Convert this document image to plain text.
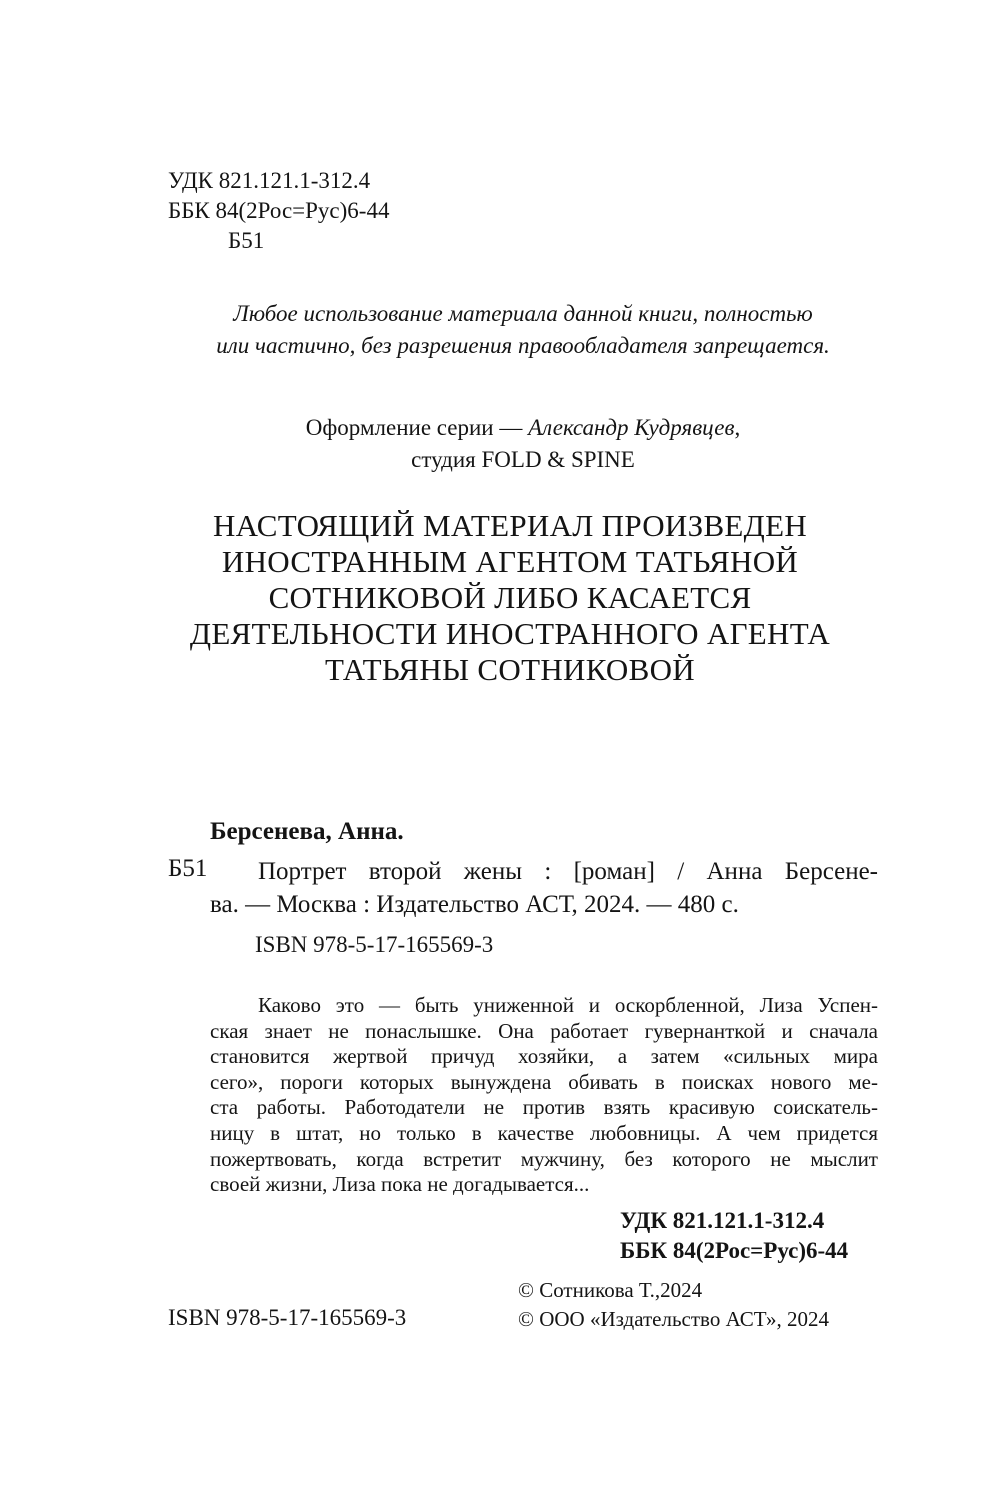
УДК 821.121.1-312.4
ББК 84(2Рос=Рус)6-44
Б51
Любое использование материала данной книги, полностью
или частично, без разрешения правообладателя запрещается.
Оформление серии — Александр Кудрявцев,
студия FOLD & SPINE
НАСТОЯЩИЙ МАТЕРИАЛ ПРОИЗВЕДЕН
ИНОСТРАННЫМ АГЕНТОМ ТАТЬЯНОЙ
СОТНИКОВОЙ ЛИБО КАСАЕТСЯ
ДЕЯТЕЛЬНОСТИ ИНОСТРАННОГО АГЕНТА
ТАТЬЯНЫ СОТНИКОВОЙ
Берсенева, Анна.
Б51	Портрет второй жены : [роман] / Анна Берсене-
ва. — Москва : Издательство АСТ, 2024. — 480 с.
ISBN 978-5-17-165569-3
Каково это — быть униженной и оскорбленной, Лиза Успен-
ская знает не понаслышке. Она работает гувернанткой и сначала
становится жертвой причуд хозяйки, а затем «сильных мира
сего», пороги которых вынуждена обивать в поисках нового ме-
ста работы. Работодатели не против взять красивую соискатель-
ницу в штат, но только в качестве любовницы. А чем придется
пожертвовать, когда встретит мужчину, без которого не мыслит
своей жизни, Лиза пока не догадывается...
УДК 821.121.1-312.4
ББК 84(2Рос=Рус)6-44
© Сотникова Т.,2024
© ООО «Издательство АСТ», 2024
ISBN 978-5-17-165569-3
